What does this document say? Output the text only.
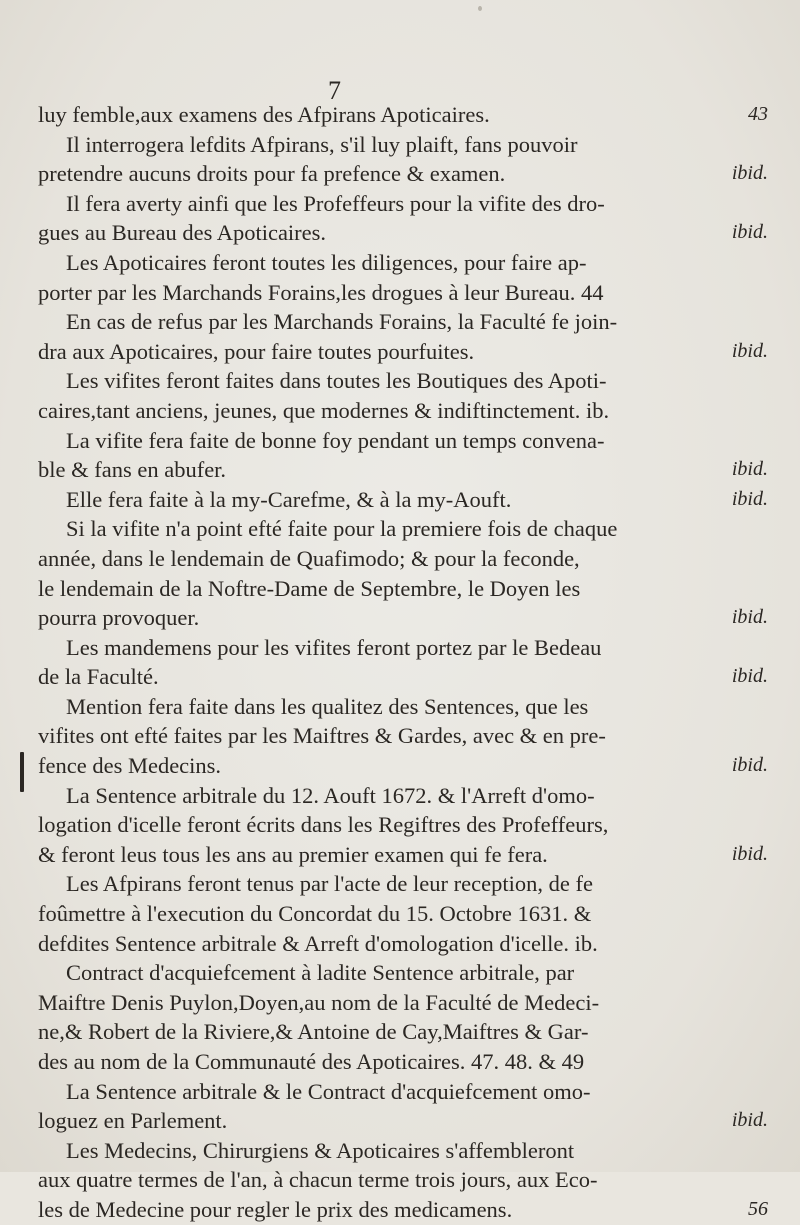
7
luy femble,aux examens des Afpirans Apoticaires.	43
Il interrogera lefdits Afpirans, s'il luy plaift, fans pouvoir
pretendre aucuns droits pour fa prefence & examen.	ibid.
Il fera averty ainfi que les Profeffeurs pour la vifite des dro-
gues au Bureau des Apoticaires.	ibid.
Les Apoticaires feront toutes les diligences, pour faire ap-
porter par les Marchands Forains,les drogues à leur Bureau. 44
En cas de refus par les Marchands Forains, la Faculté fe join-
dra aux Apoticaires, pour faire toutes pourfuites.	ibid.
Les vifites feront faites dans toutes les Boutiques des Apoti-
caires,tant anciens, jeunes, que modernes & indiftinctement. ib.
La vifite fera faite de bonne foy pendant un temps convena-
ble & fans en abufer.	ibid.
Elle fera faite à la my-Carefme, & à la my-Aouft.	ibid.
Si la vifite n'a point efté faite pour la premiere fois de chaque
année, dans le lendemain de Quafimodo; & pour la feconde,
le lendemain de la Noftre-Dame de Septembre, le Doyen les
pourra provoquer.	ibid.
Les mandemens pour les vifites feront portez par le Bedeau
de la Faculté.	ibid.
Mention fera faite dans les qualitez des Sentences, que les
vifites ont efté faites par les Maiftres & Gardes, avec & en pre-
fence des Medecins.	ibid.
La Sentence arbitrale du 12. Aouft 1672. & l'Arreft d'omo-
logation d'icelle feront écrits dans les Regiftres des Profeffeurs,
& feront leus tous les ans au premier examen qui fe fera.	ibid.
Les Afpirans feront tenus par l'acte de leur reception, de fe
foûmettre à l'execution du Concordat du 15. Octobre 1631. &
defdites Sentence arbitrale & Arreft d'omologation d'icelle. ib.
Contract d'acquiefcement à ladite Sentence arbitrale, par
Maiftre Denis Puylon,Doyen,au nom de la Faculté de Medeci-
ne,& Robert de la Riviere,& Antoine de Cay,Maiftres & Gar-
des au nom de la Communauté des Apoticaires. 47. 48. & 49
La Sentence arbitrale & le Contract d'acquiefcement omo-
loguez en Parlement.	ibid.
Les Medecins, Chirurgiens & Apoticaires s'affembleront
aux quatre termes de l'an, à chacun terme trois jours, aux Eco-
les de Medecine pour regler le prix des medicamens.	56
